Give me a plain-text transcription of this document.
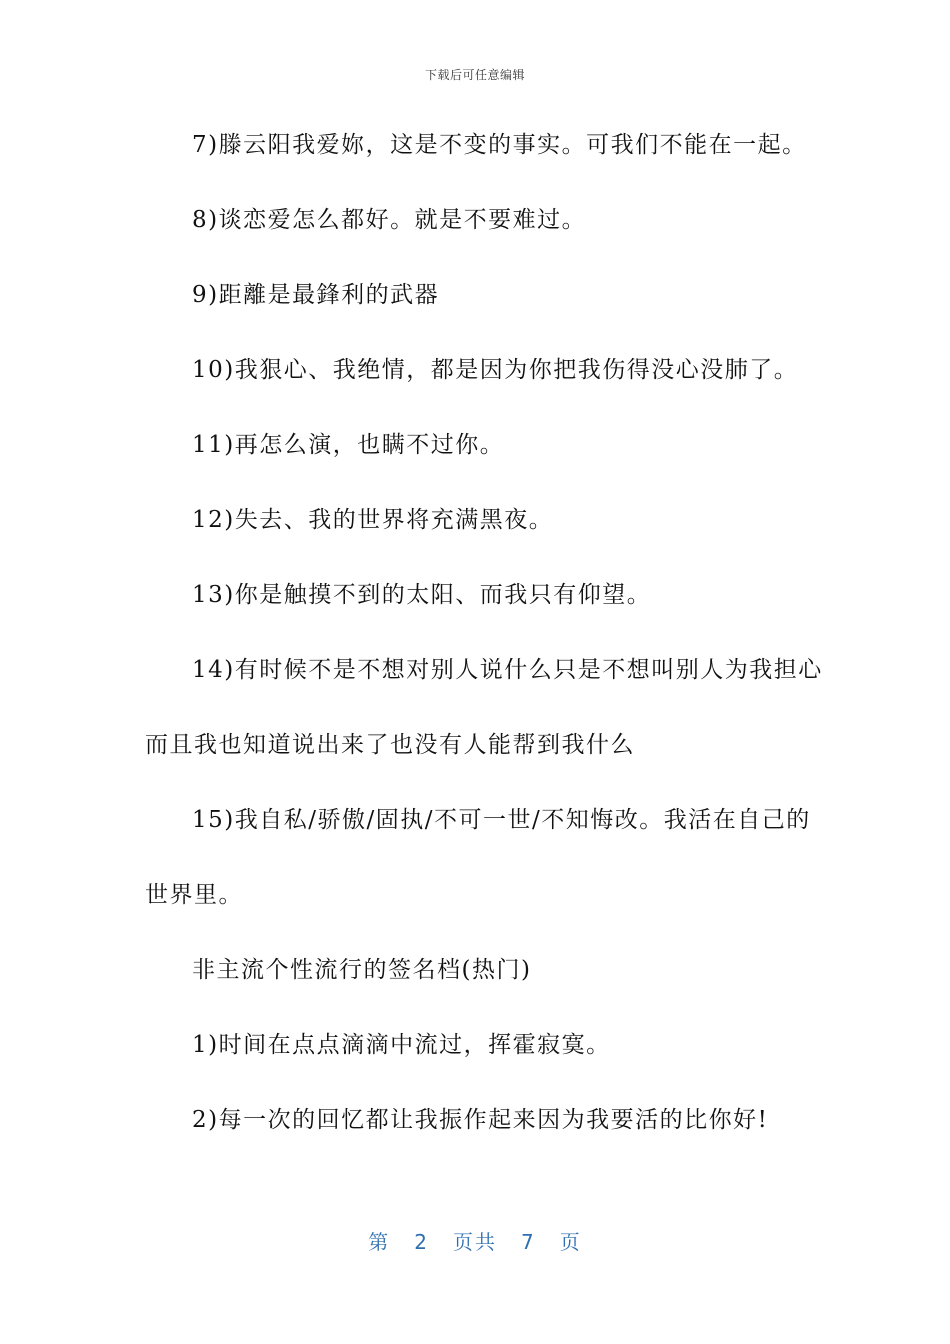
下载后可任意编辑
7)滕云阳我爱妳，这是不变的事实。可我们不能在一起。
8)谈恋爱怎么都好。就是不要难过。
9)距離是最鋒利的武器
10)我狠心、我绝情，都是因为你把我伤得没心没肺了。
11)再怎么演，也瞒不过你。
12)失去、我的世界将充满黑夜。
13)你是触摸不到的太阳、而我只有仰望。
14)有时候不是不想对别人说什么只是不想叫别人为我担心
而且我也知道说出来了也没有人能帮到我什么
15)我自私/骄傲/固执/不可一世/不知悔改。我活在自己的
世界里。
非主流个性流行的签名档(热门)
1)时间在点点滴滴中流过，挥霍寂寞。
2)每一次的回忆都让我振作起来因为我要活的比你好!
第 2 页共 7 页
